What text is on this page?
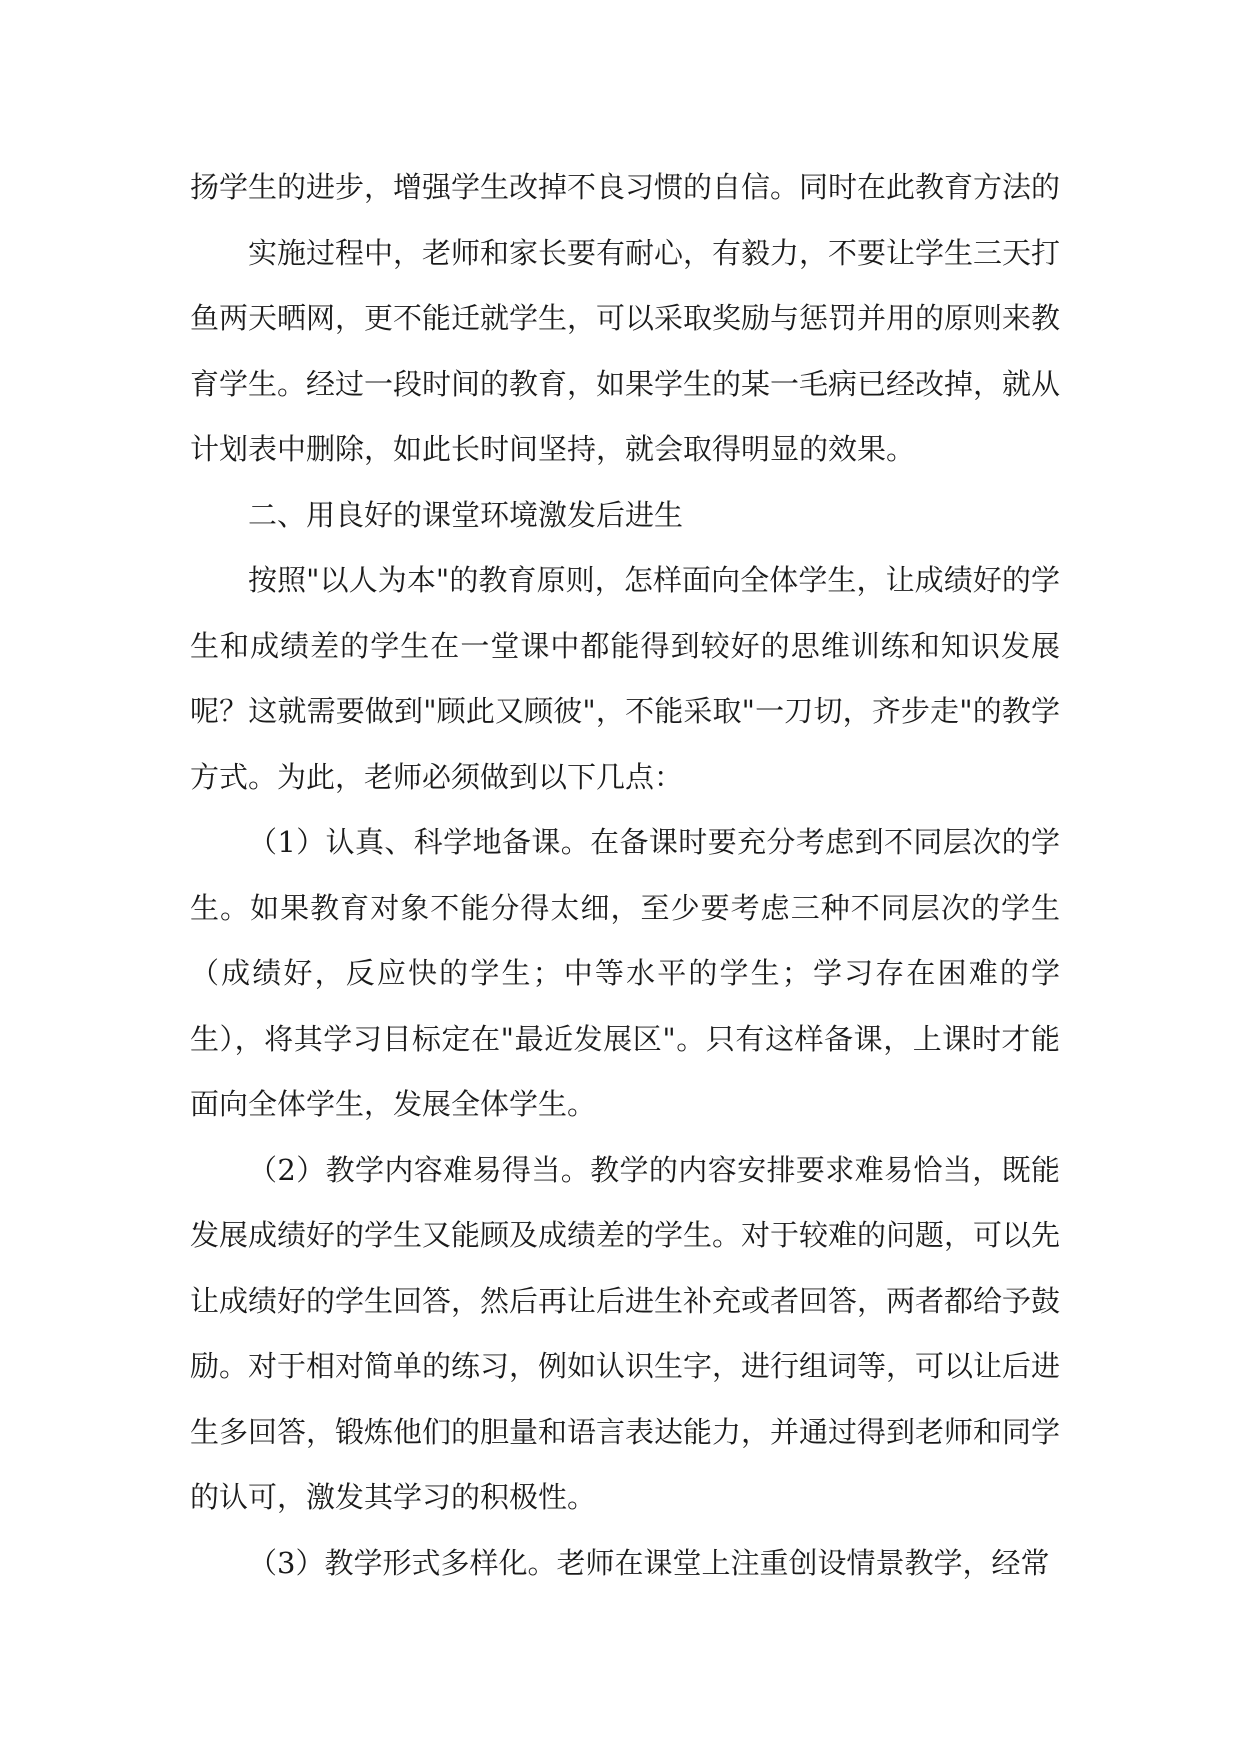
扬学生的进步，增强学生改掉不良习惯的自信。同时在此教育方法的

实施过程中，老师和家长要有耐心，有毅力，不要让学生三天打鱼两天晒网，更不能迁就学生，可以采取奖励与惩罚并用的原则来教育学生。经过一段时间的教育，如果学生的某一毛病已经改掉，就从计划表中删除，如此长时间坚持，就会取得明显的效果。

二、用良好的课堂环境激发后进生

按照"以人为本"的教育原则，怎样面向全体学生，让成绩好的学生和成绩差的学生在一堂课中都能得到较好的思维训练和知识发展呢？这就需要做到"顾此又顾彼"，不能采取"一刀切，齐步走"的教学方式。为此，老师必须做到以下几点：

（1）认真、科学地备课。在备课时要充分考虑到不同层次的学生。如果教育对象不能分得太细，至少要考虑三种不同层次的学生（成绩好，反应快的学生；中等水平的学生；学习存在困难的学生），将其学习目标定在"最近发展区"。只有这样备课，上课时才能面向全体学生，发展全体学生。

（2）教学内容难易得当。教学的内容安排要求难易恰当，既能发展成绩好的学生又能顾及成绩差的学生。对于较难的问题，可以先让成绩好的学生回答，然后再让后进生补充或者回答，两者都给予鼓励。对于相对简单的练习，例如认识生字，进行组词等，可以让后进生多回答，锻炼他们的胆量和语言表达能力，并通过得到老师和同学的认可，激发其学习的积极性。

（3）教学形式多样化。老师在课堂上注重创设情景教学，经常
